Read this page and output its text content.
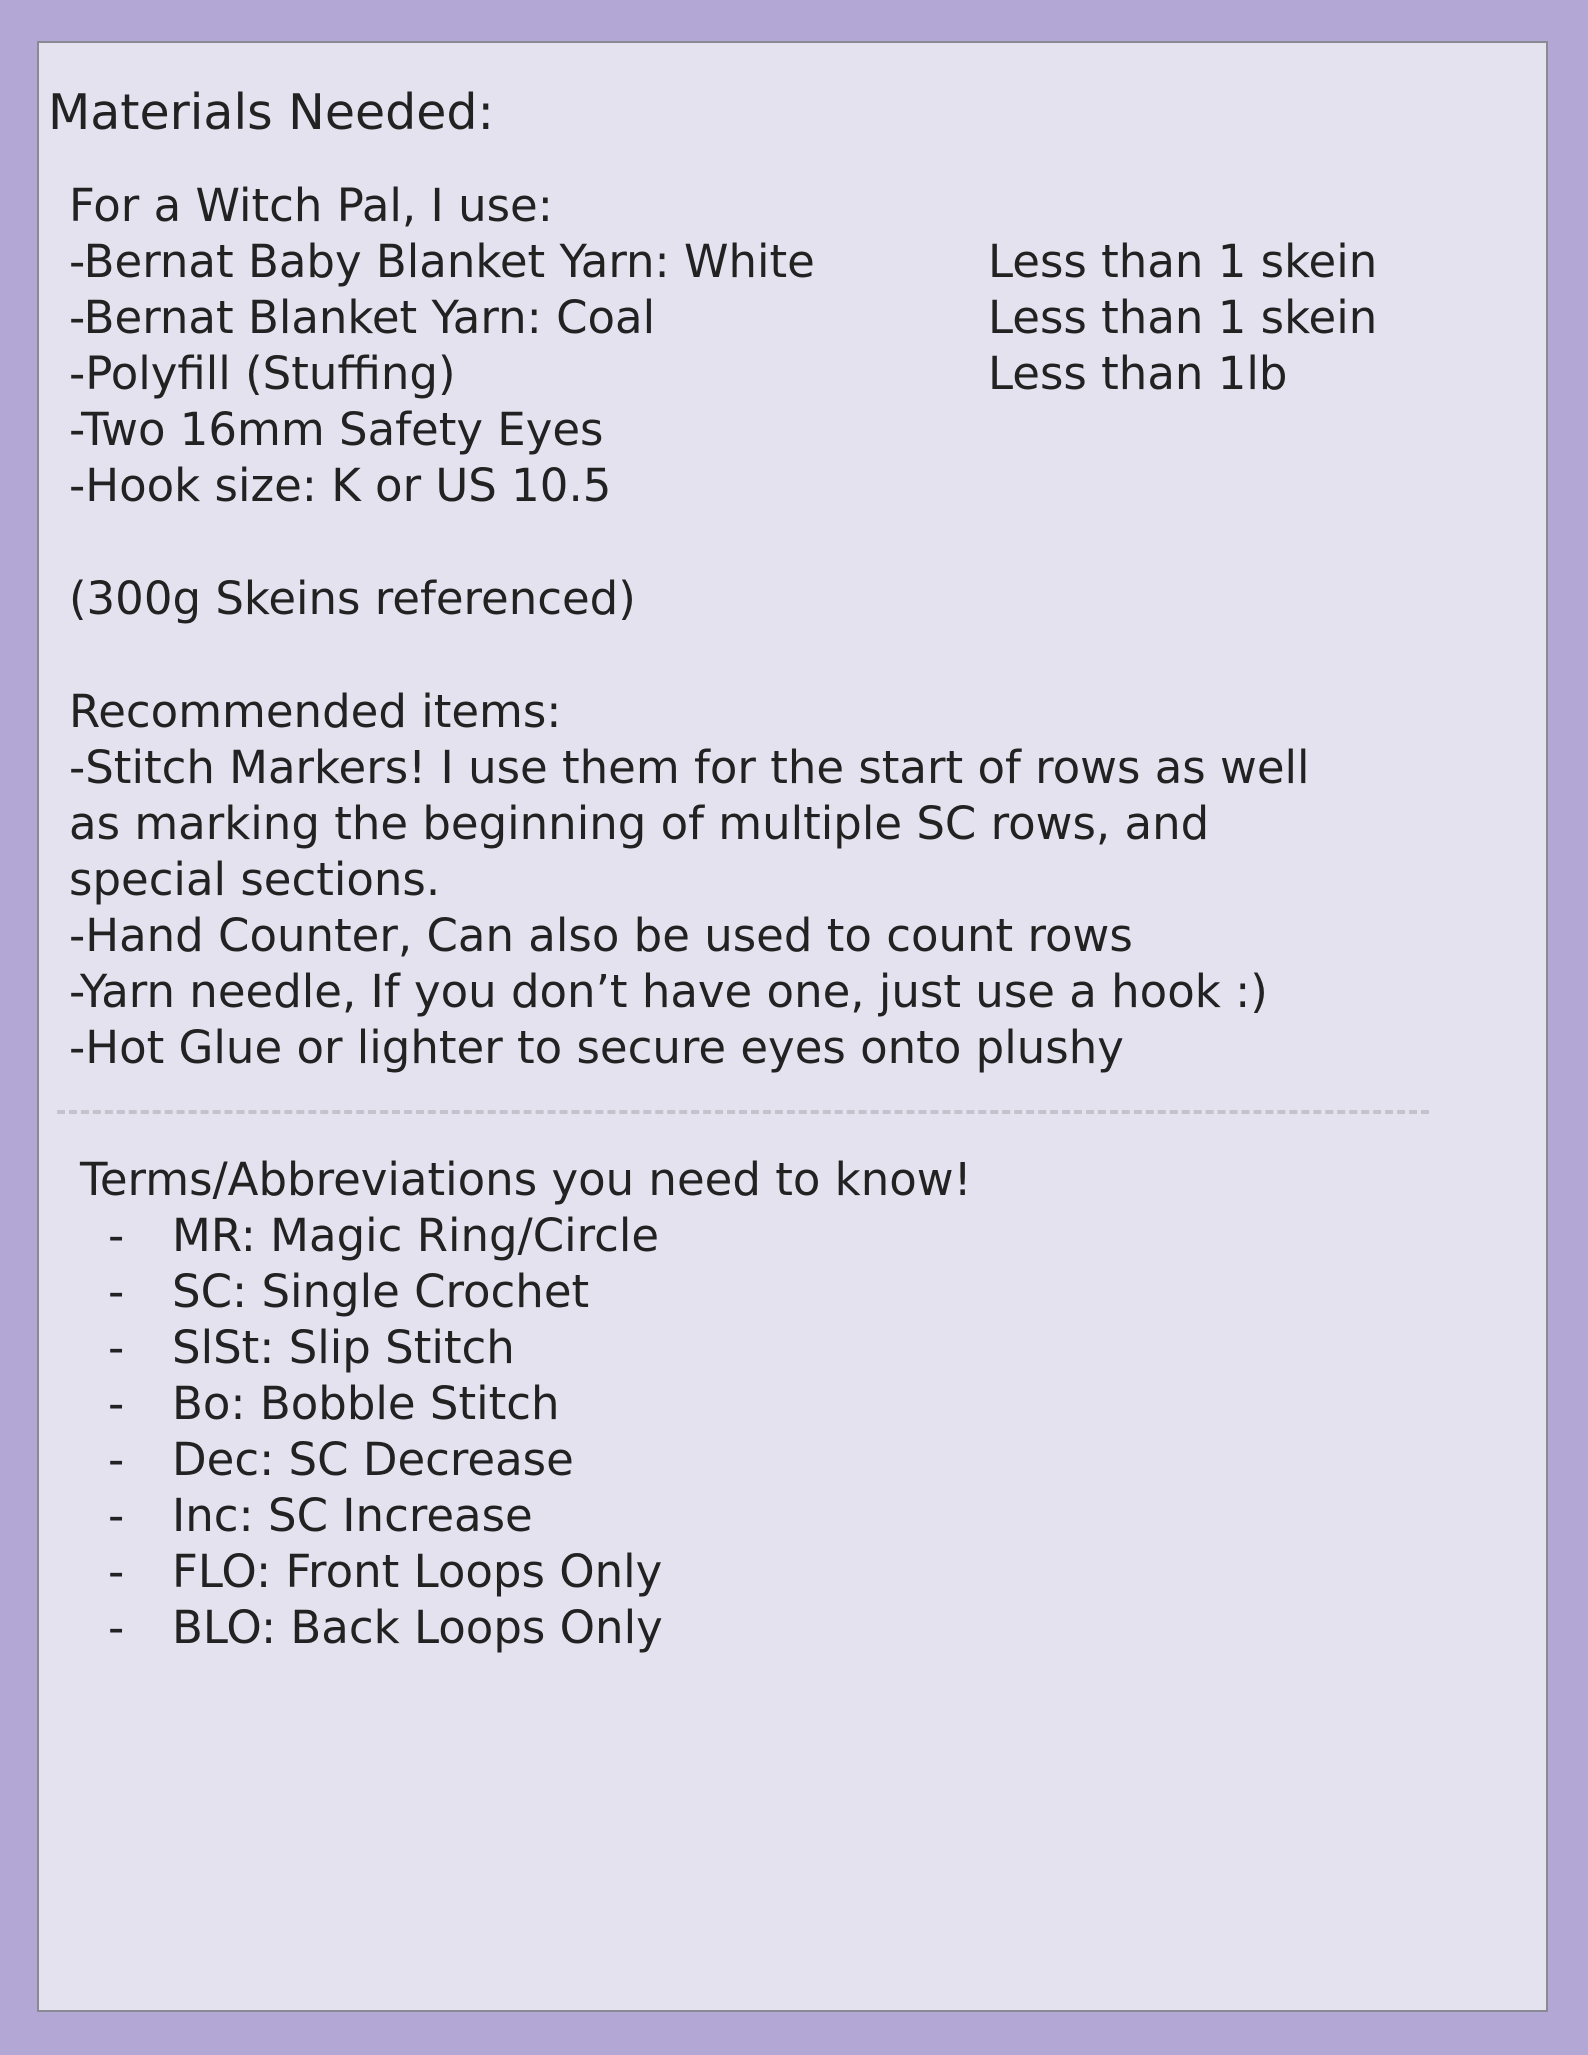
Materials Needed:
For a Witch Pal, I use:
-Bernat Baby Blanket Yarn: White	Less than 1 skein
-Bernat Blanket Yarn: Coal	Less than 1 skein
-Polyfill (Stuffing)	Less than 1lb
-Two 16mm Safety Eyes
-Hook size: K or US 10.5
(300g Skeins referenced)
Recommended items:
-Stitch Markers! I use them for the start of rows as well
as marking the beginning of multiple SC rows, and
special sections.
-Hand Counter, Can also be used to count rows
-Yarn needle, If you don’t have one, just use a hook :)
-Hot Glue or lighter to secure eyes onto plushy
Terms/Abbreviations you need to know!
- MR: Magic Ring/Circle
- SC: Single Crochet
- SlSt: Slip Stitch
- Bo: Bobble Stitch
- Dec: SC Decrease
- Inc: SC Increase
- FLO: Front Loops Only
- BLO: Back Loops Only
